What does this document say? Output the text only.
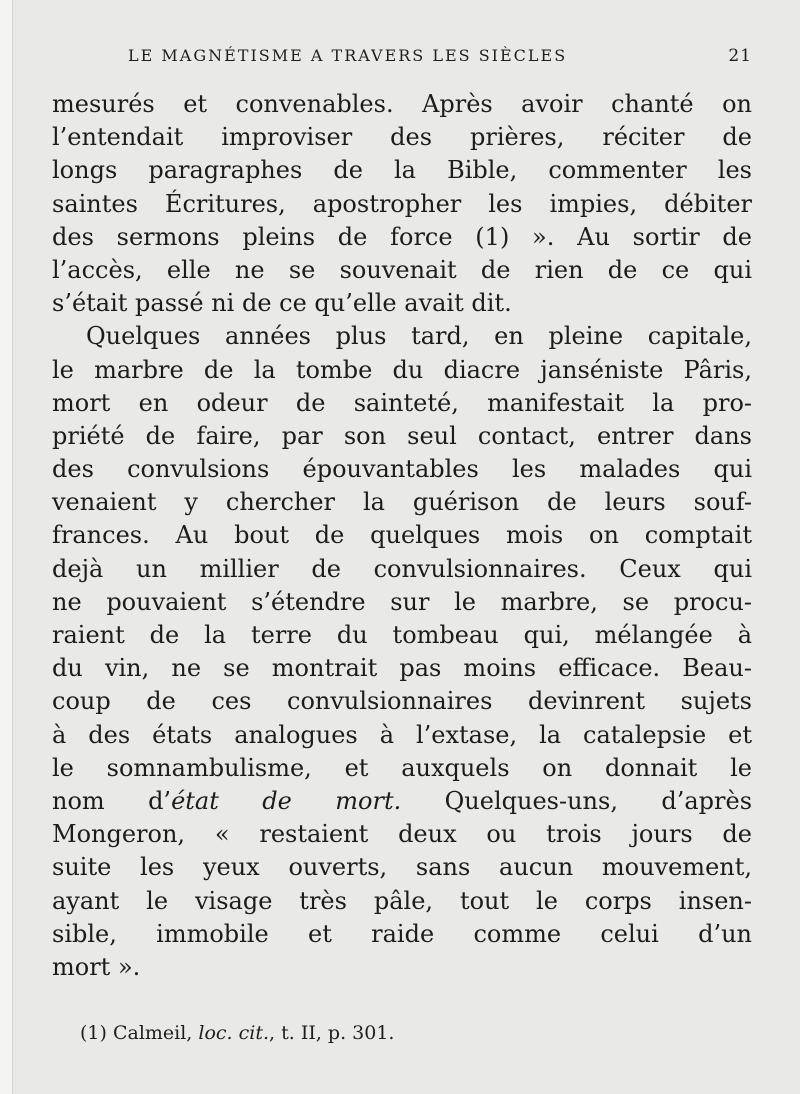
LE MAGNÉTISME A TRAVERS LES SIÈCLES	21
mesurés et convenables. Après avoir chanté on
l’entendait improviser des prières, réciter de
longs paragraphes de la Bible, commenter les
saintes Écritures, apostropher les impies, débiter
des sermons pleins de force (1) ». Au sortir de
l’accès, elle ne se souvenait de rien de ce qui
s’était passé ni de ce qu’elle avait dit.
Quelques années plus tard, en pleine capitale,
le marbre de la tombe du diacre janséniste Pâris,
mort en odeur de sainteté, manifestait la pro-
priété de faire, par son seul contact, entrer dans
des convulsions épouvantables les malades qui
venaient y chercher la guérison de leurs souf-
frances. Au bout de quelques mois on comptait
dejà un millier de convulsionnaires. Ceux qui
ne pouvaient s’étendre sur le marbre, se procu-
raient de la terre du tombeau qui, mélangée à
du vin, ne se montrait pas moins efficace. Beau-
coup de ces convulsionnaires devinrent sujets
à des états analogues à l’extase, la catalepsie et
le somnambulisme, et auxquels on donnait le
nom d’état de mort. Quelques-uns, d’après
Mongeron, « restaient deux ou trois jours de
suite les yeux ouverts, sans aucun mouvement,
ayant le visage très pâle, tout le corps insen-
sible, immobile et raide comme celui d’un
mort ».
(1) Calmeil, loc. cit., t. II, p. 301.
